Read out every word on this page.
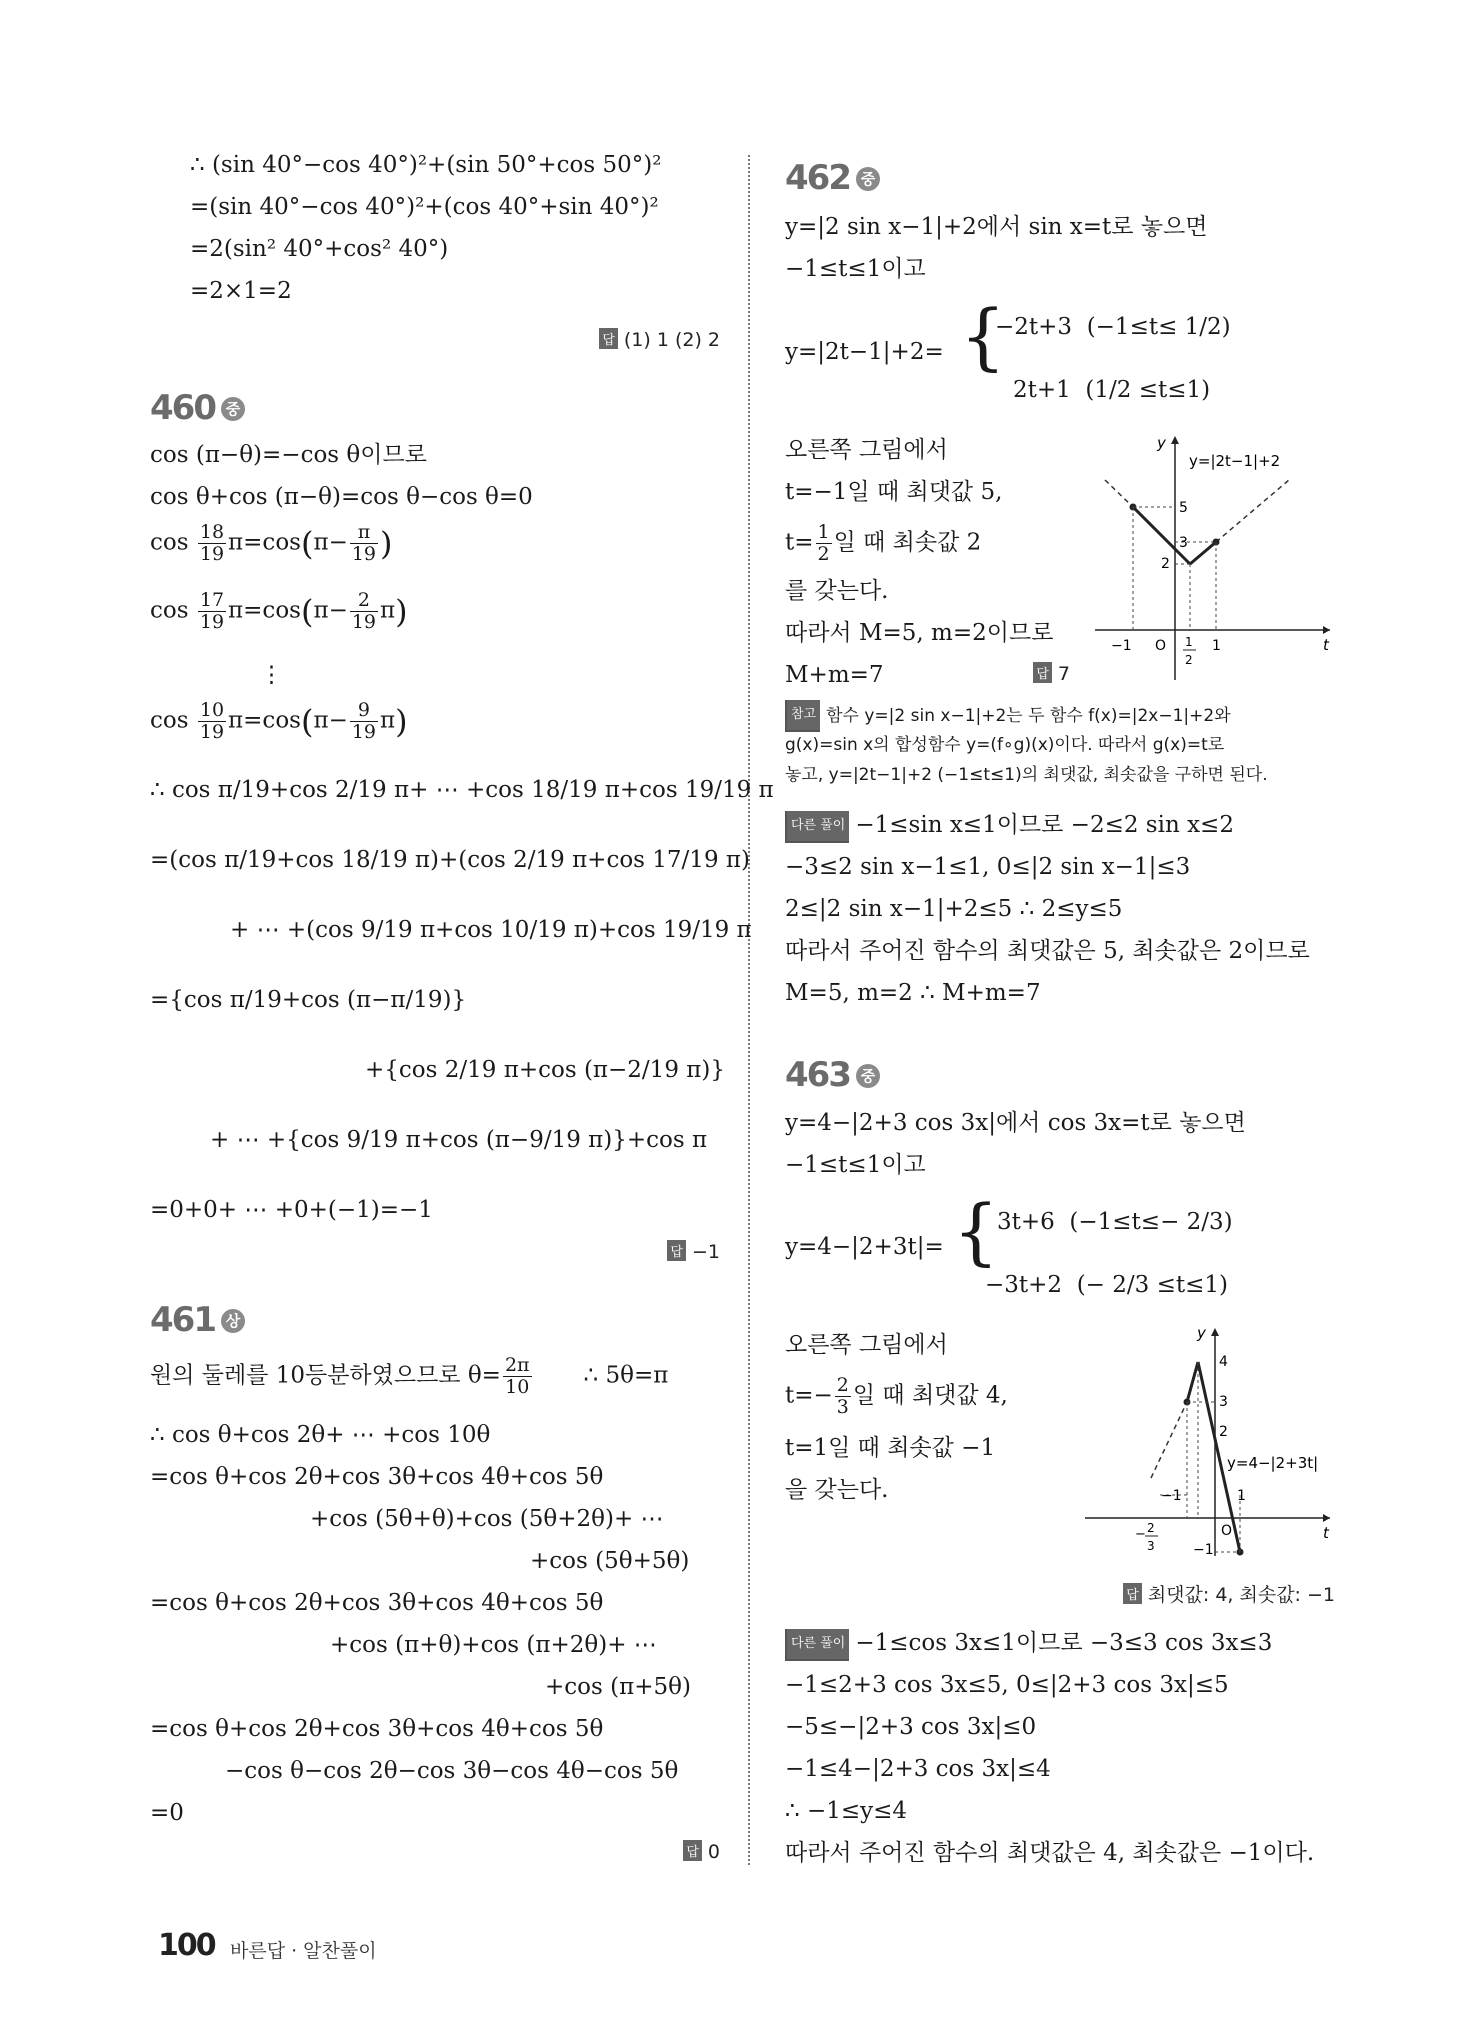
∴ (sin 40°−cos 40°)²+(sin 50°+cos 50°)²
=(sin 40°−cos 40°)²+(cos 40°+sin 40°)²
=2(sin² 40°+cos² 40°)
=2×1=2
답 (1) 1 (2) 2
460 중
cos (π−θ)=−cos θ이므로
cos θ+cos (π−θ)=cos θ−cos θ=0
$\cos \frac{18}{19} \pi=\cos(\pi- \frac{\pi}{19}$ )
$\cos \frac{17}{19} \pi=\cos(\pi- \frac{2}{19} \pi)$
⋮
$\cos \frac{10}{19} \pi=\cos(\pi- \frac{9}{19} \pi)$
∴ cos π/19+cos 2/19 π+ ⋯ +cos 18/19 π+cos 19/19 π
=(cos π/19+cos 18/19 π)+(cos 2/19 π+cos 17/19 π)
+ ⋯ +(cos 9/19 π+cos 10/19 π)+cos 19/19 π
={cos π/19+cos (π−π/19)}
+{cos 2/19 π+cos (π−2/19 π)}
+ ⋯ +{cos 9/19 π+cos (π−9/19 π)}+cos π
=0+0+ ⋯ +0+(−1)=−1
답 −1
461 상
원의 둘레를 10등분하였으므로 $\theta= \frac{2\pi}{10}$ ∴ 5θ=π
∴ cos θ+cos 2θ+ ⋯ +cos 10θ
=cos θ+cos 2θ+cos 3θ+cos 4θ+cos 5θ
+cos (5θ+θ)+cos (5θ+2θ)+ ⋯
+cos (5θ+5θ)
=cos θ+cos 2θ+cos 3θ+cos 4θ+cos 5θ
+cos (π+θ)+cos (π+2θ)+ ⋯
+cos (π+5θ)
=cos θ+cos 2θ+cos 3θ+cos 4θ+cos 5θ
−cos θ−cos 2θ−cos 3θ−cos 4θ−cos 5θ
=0
답 0
462 중
y=|2 sin x−1|+2에서 sin x=t로 놓으면
−1≤t≤1이고
y=|2t−1|+2= {
−2t+3 (−1≤t≤ 1/2)
2t+1 (1/2 ≤t≤1)
오른쪽 그림에서
t=−1일 때 최댓값 5,
$t= \frac{1}{2}$ 일 때 최솟값 2
를 갖는다.
따라서 M=5, m=2이므로
M+m=7	답 7
y
t
y=|2t−1|+2
5
3
2
−1 O 1
2
1
참고 함수 y=|2 sin x−1|+2는 두 함수 f(x)=|2x−1|+2와
g(x)=sin x의 합성함수 y=(f∘g)(x)이다. 따라서 g(x)=t로
놓고, y=|2t−1|+2 (−1≤t≤1)의 최댓값, 최솟값을 구하면 된다.
다른 풀이 −1≤sin x≤1이므로 −2≤2 sin x≤2
−3≤2 sin x−1≤1, 0≤|2 sin x−1|≤3
2≤|2 sin x−1|+2≤5 ∴ 2≤y≤5
따라서 주어진 함수의 최댓값은 5, 최솟값은 2이므로
M=5, m=2 ∴ M+m=7
463 중
y=4−|2+3 cos 3x|에서 cos 3x=t로 놓으면
−1≤t≤1이고
y=4−|2+3t|= {
3t+6 (−1≤t≤− 2/3)
−3t+2 (− 2/3 ≤t≤1)
오른쪽 그림에서
$t=- \frac{2}{3}$ 일 때 최댓값 4,
t=1일 때 최솟값 −1
을 갖는다.
y
t
y=4−|2+3t|
4
3
2
−1	1
O
−1
− 2
3
답 최댓값: 4, 최솟값: −1
다른 풀이 −1≤cos 3x≤1이므로 −3≤3 cos 3x≤3
−1≤2+3 cos 3x≤5, 0≤|2+3 cos 3x|≤5
−5≤−|2+3 cos 3x|≤0
−1≤4−|2+3 cos 3x|≤4
∴ −1≤y≤4
따라서 주어진 함수의 최댓값은 4, 최솟값은 −1이다.
100 바른답 · 알찬풀이
